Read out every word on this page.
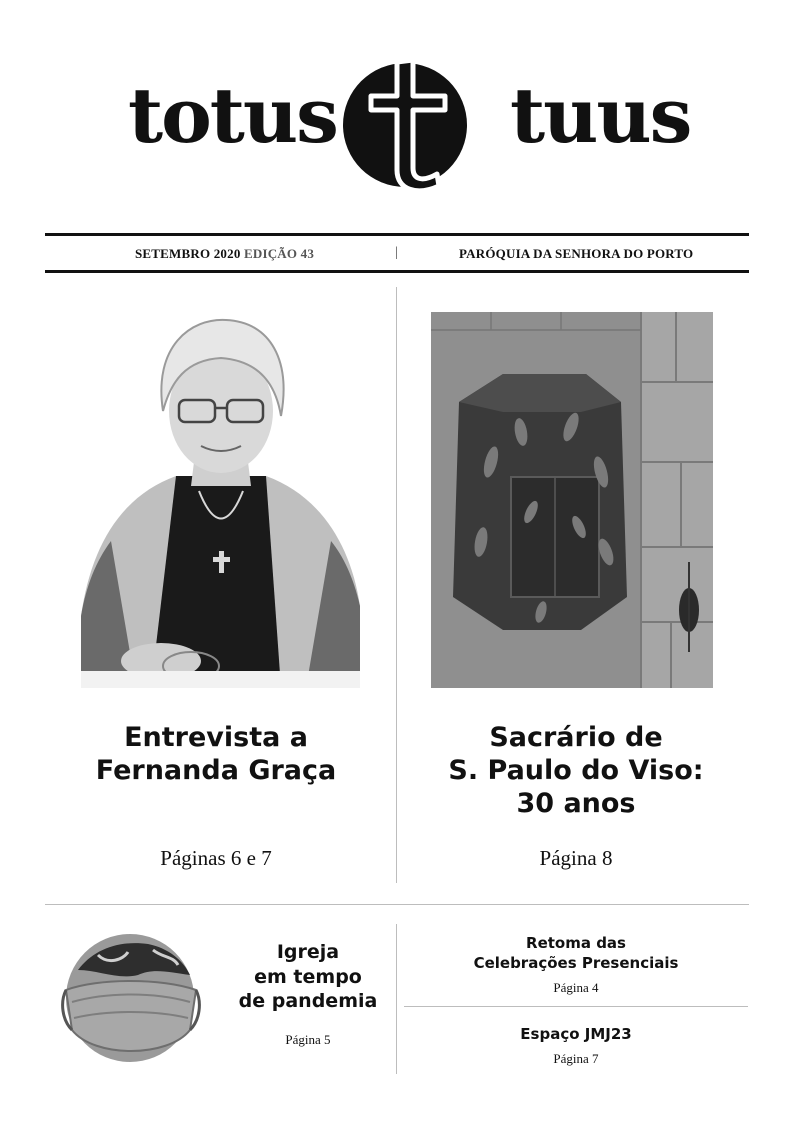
totus tuus
SETEMBRO 2020 EDIÇÃO 43	|	PARÓQUIA DA SENHORA DO PORTO
Entrevista a
Fernanda Graça
Páginas 6 e 7
Sacrário de
S. Paulo do Viso:
30 anos
Página 8
Igreja
em tempo
de pandemia
Página 5
Retoma das
Celebrações Presenciais
Página 4
Espaço JMJ23
Página 7
